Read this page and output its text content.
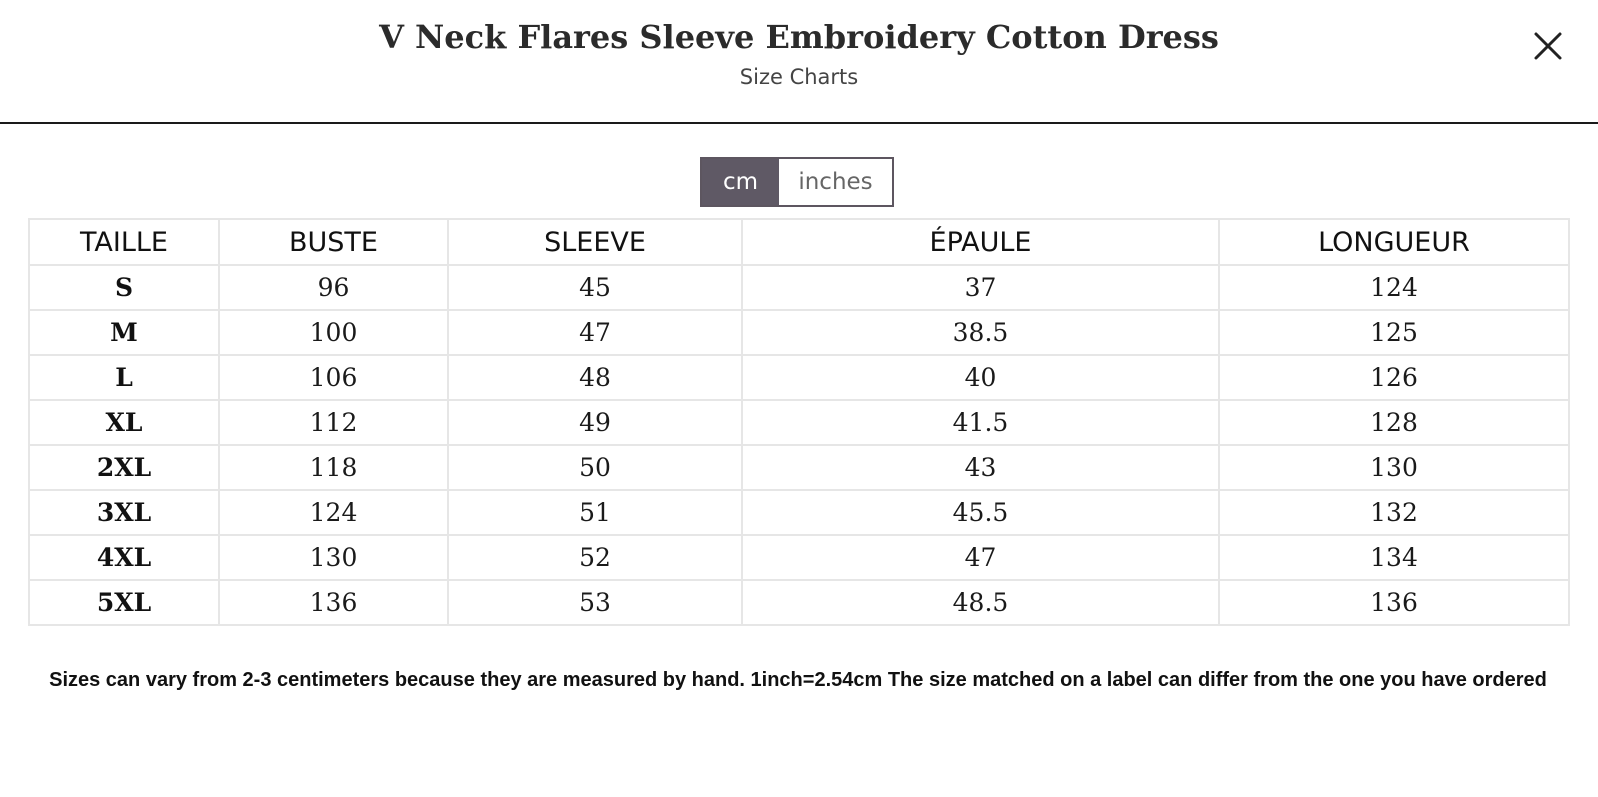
V Neck Flares Sleeve Embroidery Cotton Dress
Size Charts
cm	inches
TAILLE	BUSTE	SLEEVE	ÉPAULE	LONGUEUR
S	96	45	37	124
M	100	47	38.5	125
L	106	48	40	126
XL	112	49	41.5	128
2XL	118	50	43	130
3XL	124	51	45.5	132
4XL	130	52	47	134
5XL	136	53	48.5	136
Sizes can vary from 2-3 centimeters because they are measured by hand. 1inch=2.54cm The size matched on a label can differ from the one you have ordered
